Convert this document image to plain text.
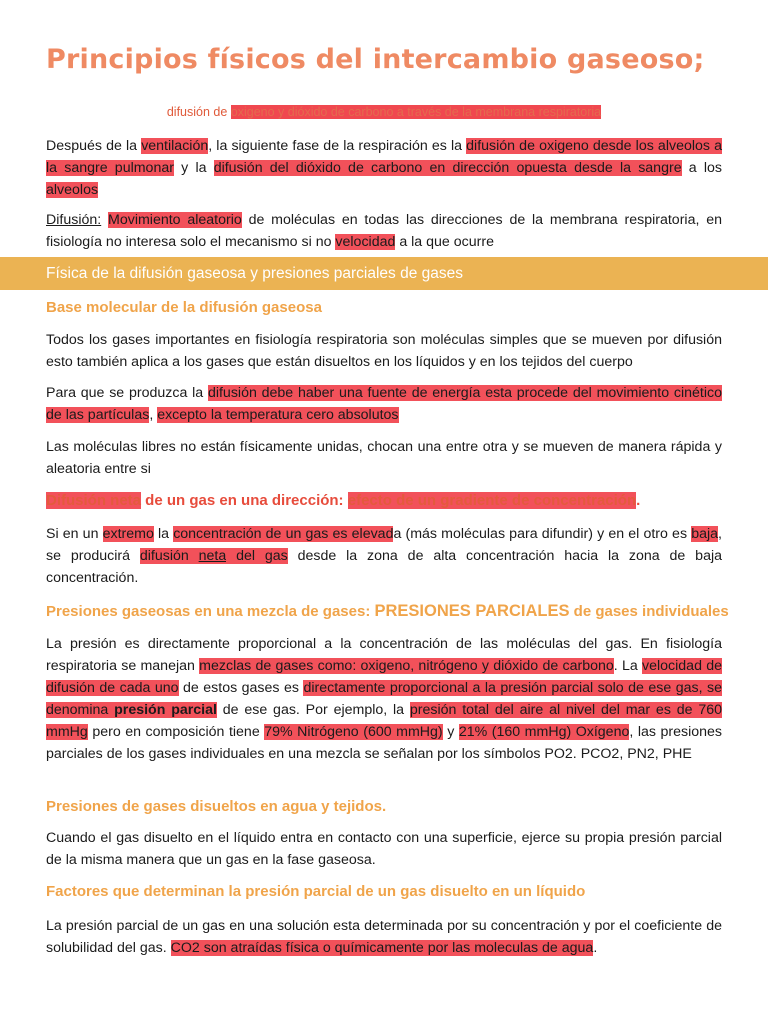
Principios físicos del intercambio gaseoso;
difusión de oxigeno y dióxido de carbono a través de la membrana respiratoria
Después de la ventilación, la siguiente fase de la respiración es la difusión de oxigeno desde los alveolos a la sangre pulmonar y la difusión del dióxido de carbono en dirección opuesta desde la sangre a los alveolos
Difusión: Movimiento aleatorio de moléculas en todas las direcciones de la membrana respiratoria, en fisiología no interesa solo el mecanismo si no velocidad a la que ocurre
Física de la difusión gaseosa y presiones parciales de gases
Base molecular de la difusión gaseosa
Todos los gases importantes en fisiología respiratoria son moléculas simples que se mueven por difusión esto también aplica a los gases que están disueltos en los líquidos y en los tejidos del cuerpo
Para que se produzca la difusión debe haber una fuente de energía esta procede del movimiento cinético de las partículas, excepto la temperatura cero absolutos
Las moléculas libres no están físicamente unidas, chocan una entre otra y se mueven de manera rápida y aleatoria entre si
Difusión neta de un gas en una dirección: efecto de un gradiente de concentración.
Si en un extremo la concentración de un gas es elevada (más moléculas para difundir) y en el otro es baja, se producirá difusión neta del gas desde la zona de alta concentración hacia la zona de baja concentración.
Presiones gaseosas en una mezcla de gases: PRESIONES PARCIALES de gases individuales
La presión es directamente proporcional a la concentración de las moléculas del gas. En fisiología respiratoria se manejan mezclas de gases como: oxigeno, nitrógeno y dióxido de carbono. La velocidad de difusión de cada uno de estos gases es directamente proporcional a la presión parcial solo de ese gas, se denomina presión parcial de ese gas. Por ejemplo, la presión total del aire al nivel del mar es de 760 mmHg pero en composición tiene 79% Nitrógeno (600 mmHg) y 21% (160 mmHg) Oxígeno, las presiones parciales de los gases individuales en una mezcla se señalan por los símbolos PO2. PCO2, PN2, PHE
Presiones de gases disueltos en agua y tejidos.
Cuando el gas disuelto en el líquido entra en contacto con una superficie, ejerce su propia presión parcial de la misma manera que un gas en la fase gaseosa.
Factores que determinan la presión parcial de un gas disuelto en un líquido
La presión parcial de un gas en una solución esta determinada por su concentración y por el coeficiente de solubilidad del gas. CO2 son atraídas física o químicamente por las moleculas de agua.
